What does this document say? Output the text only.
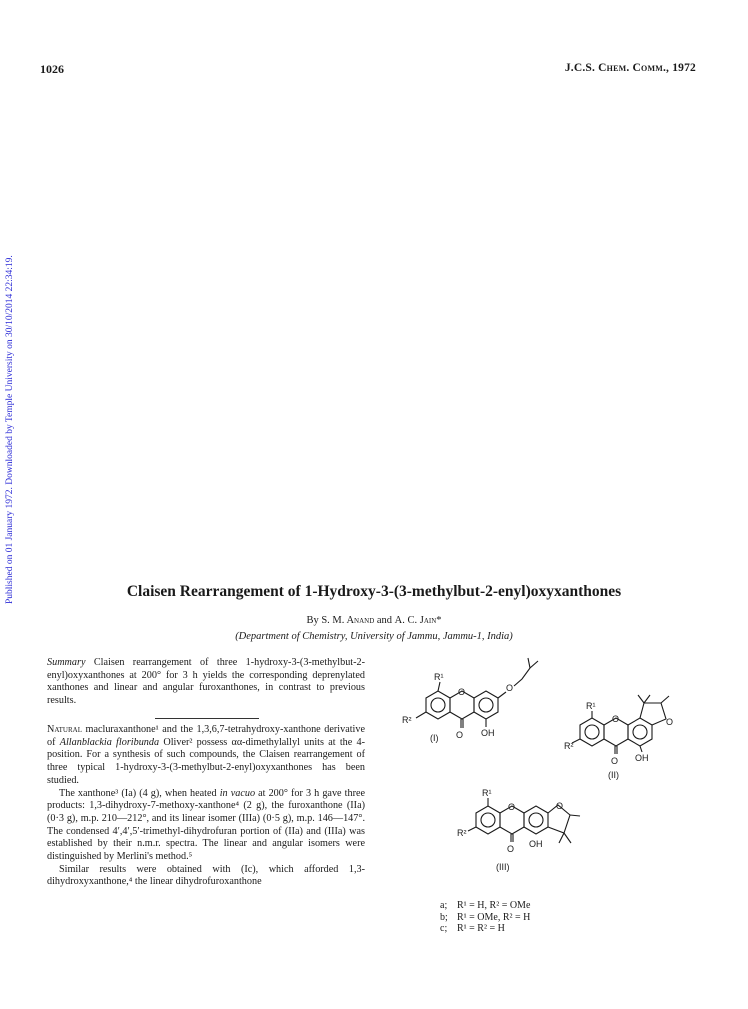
1026	J.C.S. Chem. Comm., 1972
Published on 01 January 1972. Downloaded by Temple University on 30/10/2014 22:34:19.	Claisen Rearrangement of 1-Hydroxy-3-(3-methylbut-2-enyl)oxyxanthones
By S. M. Anand and A. C. Jain*
(Department of Chemistry, University of Jammu, Jammu-1, India)
Summary Claisen rearrangement of three 1-hydroxy-3-(3-methylbut-2-enyl)oxyxanthones at 200° for 3 h yields the corresponding deprenylated xanthones and linear and angular furoxanthones, in contrast to previous results.

Natural macluraxanthone¹ and the 1,3,6,7-tetrahydroxy-xanthone derivative of Allanblackia floribunda Oliver² possess αα-dimethylallyl units at the 4-position. For a synthesis of such compounds, the Claisen rearrangement of three typical 1-hydroxy-3-(3-methylbut-2-enyl)oxyxanthones has been studied.

The xanthone³ (Ia) (4 g), when heated in vacuo at 200° for 3 h gave three products: 1,3-dihydroxy-7-methoxy-xanthone⁴ (2 g), the furoxanthone (IIa) (0·3 g), m.p. 210—212°, and its linear isomer (IIIa) (0·5 g), m.p. 146—147°. The condensed 4′,4′,5′-trimethyl-dihydrofuran portion of (IIa) and (IIIa) was established by their n.m.r. spectra. The linear and angular isomers were distinguished by Merlini's method.⁵

Similar results were obtained with (Ic), which afforded 1,3-dihydroxyxanthone,⁴ the linear dihydrofuroxanthone

R¹
R²
O
O OH
O
(I)
R¹
R²
O	O
O OH
(II)
R¹
R²
O	O
O OH
(III)
a; R¹ = H, R² = OMe
b; R¹ = OMe, R² = H
c; R¹ = R² = H
